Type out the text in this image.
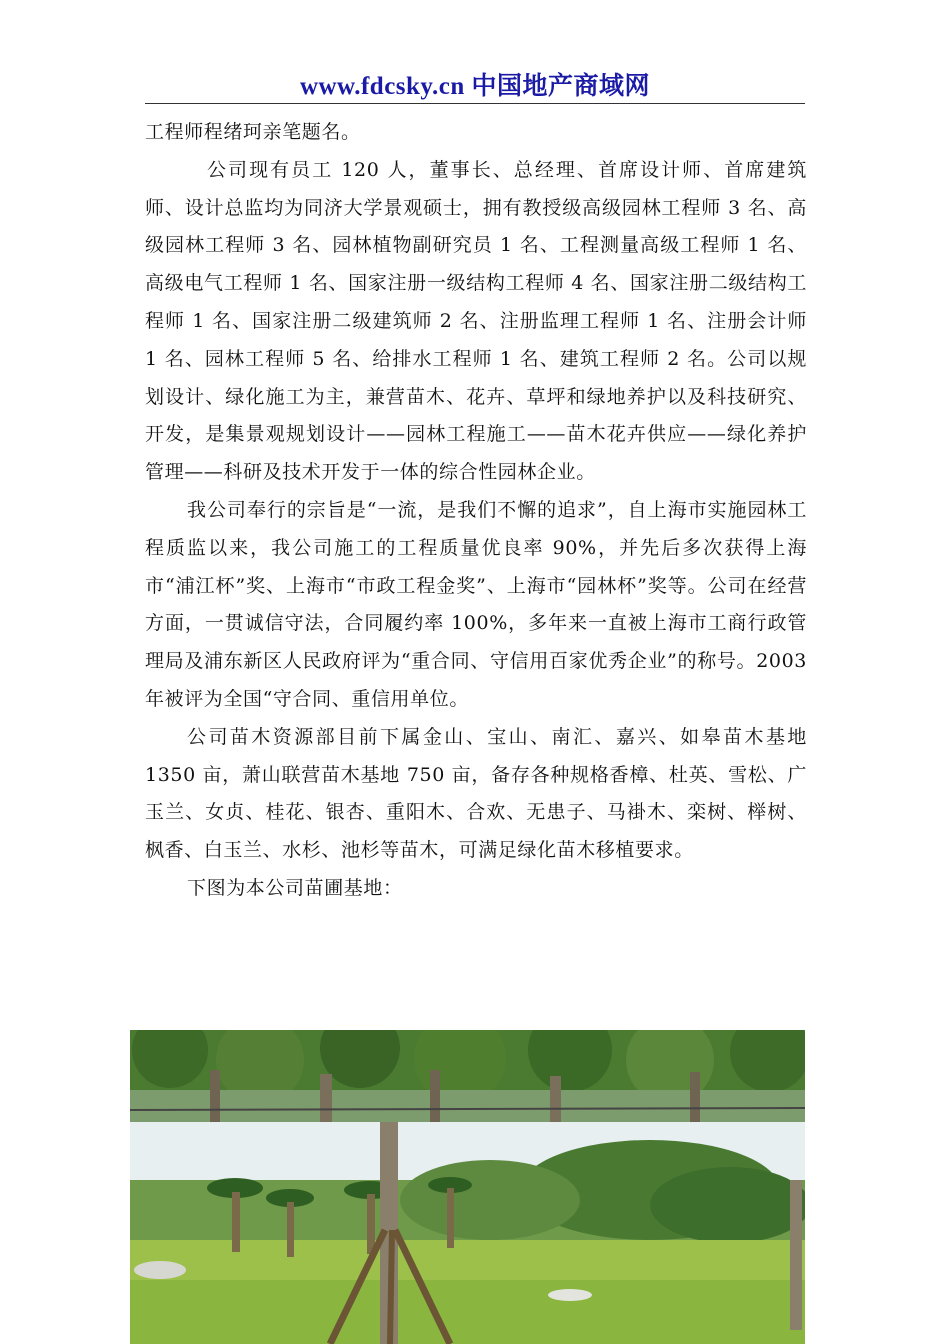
www.fdcsky.cn 中国地产商域网

工程师程绪珂亲笔题名。

公司现有员工 120 人，董事长、总经理、首席设计师、首席建筑师、设计总监均为同济大学景观硕士，拥有教授级高级园林工程师 3 名、高级园林工程师 3 名、园林植物副研究员 1 名、工程测量高级工程师 1 名、高级电气工程师 1 名、国家注册一级结构工程师 4 名、国家注册二级结构工程师 1 名、国家注册二级建筑师 2 名、注册监理工程师 1 名、注册会计师 1 名、园林工程师 5 名、给排水工程师 1 名、建筑工程师 2 名。公司以规划设计、绿化施工为主，兼营苗木、花卉、草坪和绿地养护以及科技研究、开发，是集景观规划设计——园林工程施工——苗木花卉供应——绿化养护管理——科研及技术开发于一体的综合性园林企业。

我公司奉行的宗旨是“一流，是我们不懈的追求”，自上海市实施园林工程质监以来，我公司施工的工程质量优良率 90%，并先后多次获得上海市“浦江杯”奖、上海市“市政工程金奖”、上海市“园林杯”奖等。公司在经营方面，一贯诚信守法，合同履约率 100%，多年来一直被上海市工商行政管理局及浦东新区人民政府评为“重合同、守信用百家优秀企业”的称号。2003 年被评为全国“守合同、重信用单位。

公司苗木资源部目前下属金山、宝山、南汇、嘉兴、如皋苗木基地 1350 亩，萧山联营苗木基地 750 亩，备存各种规格香樟、杜英、雪松、广玉兰、女贞、桂花、银杏、重阳木、合欢、无患子、马褂木、栾树、榉树、枫香、白玉兰、水杉、池杉等苗木，可满足绿化苗木移植要求。

下图为本公司苗圃基地：
